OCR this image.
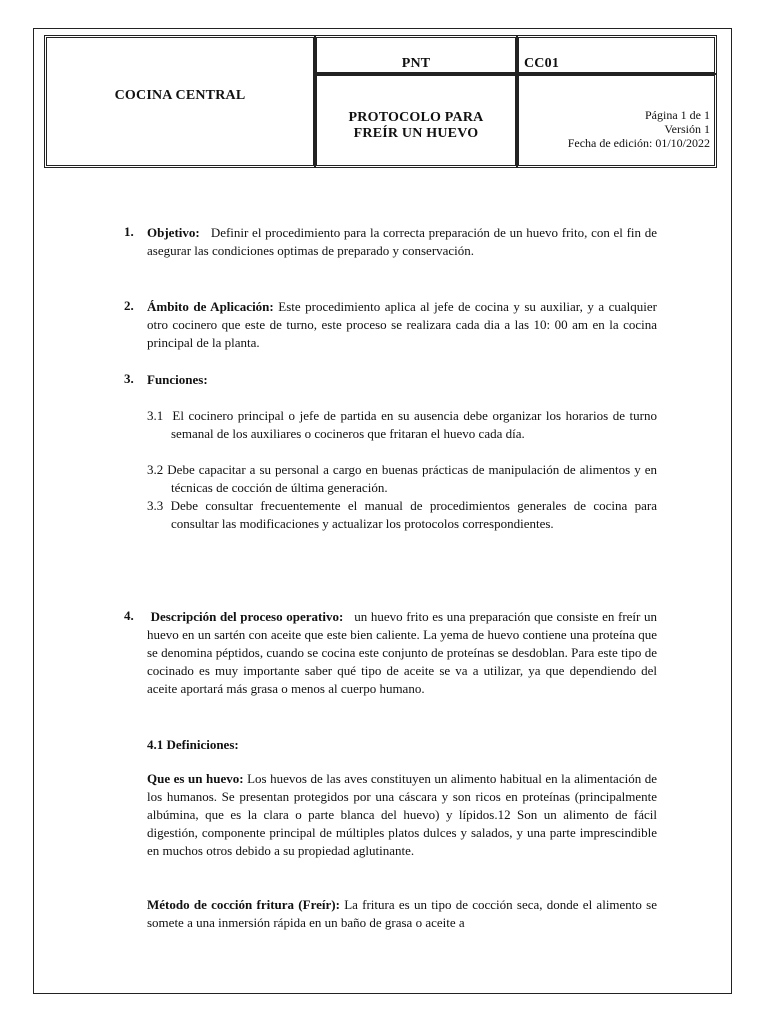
COCINA CENTRAL
PNT	CC01
PROTOCOLO PARA
FREÍR UN HUEVO
Página 1 de 1
Versión 1
Fecha de edición: 01/10/2022
1. Objetivo: Definir el procedimiento para la correcta preparación de un huevo frito, con el fin de asegurar las condiciones optimas de preparado y conservación.
2. Ámbito de Aplicación: Este procedimiento aplica al jefe de cocina y su auxiliar, y a cualquier otro cocinero que este de turno, este proceso se realizara cada dia a las 10: 00 am en la cocina principal de la planta.
3. Funciones:
3.1 El cocinero principal o jefe de partida en su ausencia debe organizar los horarios de turno semanal de los auxiliares o cocineros que fritaran el huevo cada día.
3.2 Debe capacitar a su personal a cargo en buenas prácticas de manipulación de alimentos y en técnicas de cocción de última generación.
3.3 Debe consultar frecuentemente el manual de procedimientos generales de cocina para consultar las modificaciones y actualizar los protocolos correspondientes.
4. Descripción del proceso operativo: un huevo frito es una preparación que consiste en freír un huevo en un sartén con aceite que este bien caliente. La yema de huevo contiene una proteína que se denomina péptidos, cuando se cocina este conjunto de proteínas se desdoblan. Para este tipo de cocinado es muy importante saber qué tipo de aceite se va a utilizar, ya que dependiendo del aceite aportará más grasa o menos al cuerpo humano.
4.1 Definiciones:
Que es un huevo: Los huevos de las aves constituyen un alimento habitual en la alimentación de los humanos. Se presentan protegidos por una cáscara y son ricos en proteínas (principalmente albúmina, que es la clara o parte blanca del huevo) y lípidos.12 Son un alimento de fácil digestión, componente principal de múltiples platos dulces y salados, y una parte imprescindible en muchos otros debido a su propiedad aglutinante.
Método de cocción fritura (Freír): La fritura es un tipo de cocción seca, donde el alimento se somete a una inmersión rápida en un baño de grasa o aceite a
